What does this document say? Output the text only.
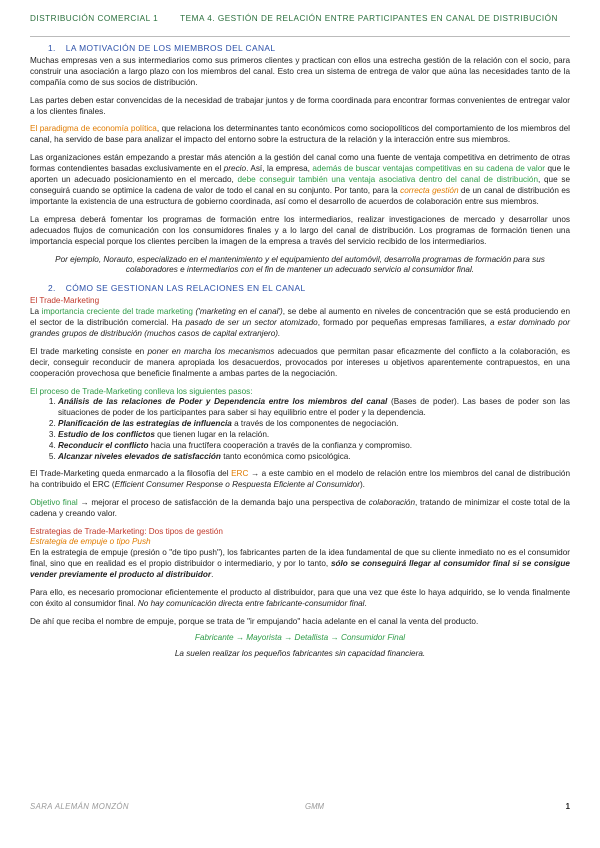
DISTRIBUCIÓN COMERCIAL 1	TEMA 4. GESTIÓN DE RELACIÓN ENTRE PARTICIPANTES EN CANAL DE DISTRIBUCIÓN
1. LA MOTIVACIÓN DE LOS MIEMBROS DEL CANAL

Muchas empresas ven a sus intermediarios como sus primeros clientes y practican con ellos una estrecha gestión de la relación con el socio, para construir una asociación a largo plazo con los miembros del canal. Esto crea un sistema de entrega de valor que aúna las necesidades tanto de la compañía como de sus socios de distribución.

Las partes deben estar convencidas de la necesidad de trabajar juntos y de forma coordinada para encontrar formas convenientes de entregar valor a los clientes finales.

El paradigma de economía política, que relaciona los determinantes tanto económicos como sociopolíticos del comportamiento de los miembros del canal, ha servido de base para analizar el impacto del entorno sobre la estructura de la relación y la interacción entre sus miembros.

Las organizaciones están empezando a prestar más atención a la gestión del canal como una fuente de ventaja competitiva en detrimento de otras formas contendientes basadas exclusivamente en el precio. Así, la empresa, además de buscar ventajas competitivas en su cadena de valor que le aporten un adecuado posicionamiento en el mercado, debe conseguir también una ventaja asociativa dentro del canal de distribución, que se conseguirá cuando se optimice la cadena de valor de todo el canal en su conjunto. Por tanto, para la correcta gestión de un canal de distribución es importante la existencia de una estructura de gobierno coordinada, así como el desarrollo de acuerdos de colaboración entre sus miembros.

La empresa deberá fomentar los programas de formación entre los intermediarios, realizar investigaciones de mercado y desarrollar unos adecuados flujos de comunicación con los consumidores finales y a lo largo del canal de distribución. Los programas de formación tienen una importancia especial porque los clientes perciben la imagen de la empresa a través del servicio recibido de los intermediarios.

Por ejemplo, Norauto, especializado en el mantenimiento y el equipamiento del automóvil, desarrolla programas de formación para sus colaboradores e intermediarios con el fin de mantener un adecuado servicio al consumidor final.

2. CÓMO SE GESTIONAN LAS RELACIONES EN EL CANAL
El Trade-Marketing

La importancia creciente del trade marketing ('marketing en el canal'), se debe al aumento en niveles de concentración que se está produciendo en el sector de la distribución comercial. Ha pasado de ser un sector atomizado, formado por pequeñas empresas familiares, a estar dominado por grandes grupos de distribución (muchos casos de capital extranjero).

El trade marketing consiste en poner en marcha los mecanismos adecuados que permitan pasar eficazmente del conflicto a la colaboración, es decir, conseguir reconducir de manera apropiada los desacuerdos, provocados por intereses u objetivos aparentemente contrapuestos, en una cooperación provechosa que beneficie finalmente a ambas partes de la negociación.

El proceso de Trade-Marketing conlleva los siguientes pasos:
1. Análisis de las relaciones de Poder y Dependencia entre los miembros del canal (Bases de poder). Las bases de poder son las situaciones de poder de los participantes para saber si hay equilibrio entre el poder y la dependencia.
2. Planificación de las estrategias de influencia a través de los componentes de negociación.
3. Estudio de los conflictos que tienen lugar en la relación.
4. Reconducir el conflicto hacia una fructífera cooperación a través de la confianza y compromiso.
5. Alcanzar niveles elevados de satisfacción tanto económica como psicológica.

El Trade-Marketing queda enmarcado a la filosofía del ERC → a este cambio en el modelo de relación entre los miembros del canal de distribución ha contribuido el ERC (Efficient Consumer Response o Respuesta Eficiente al Consumidor).

Objetivo final → mejorar el proceso de satisfacción de la demanda bajo una perspectiva de colaboración, tratando de minimizar el coste total de la cadena y creando valor.

Estrategias de Trade-Marketing: Dos tipos de gestión
Estrategia de empuje o tipo Push

En la estrategia de empuje (presión o "de tipo push"), los fabricantes parten de la idea fundamental de que su cliente inmediato no es el consumidor final, sino que en realidad es el propio distribuidor o intermediario, y por lo tanto, sólo se conseguirá llegar al consumidor final si se consigue vender previamente el producto al distribuidor.

Para ello, es necesario promocionar eficientemente el producto al distribuidor, para que una vez que éste lo haya adquirido, se lo venda finalmente con éxito al consumidor final. No hay comunicación directa entre fabricante-consumidor final.

De ahí que reciba el nombre de empuje, porque se trata de "ir empujando" hacia adelante en el canal la venta del producto.

Fabricante → Mayorista → Detallista → Consumidor Final

La suelen realizar los pequeños fabricantes sin capacidad financiera.

SARA ALEMÁN MONZÓN	GMM	1
